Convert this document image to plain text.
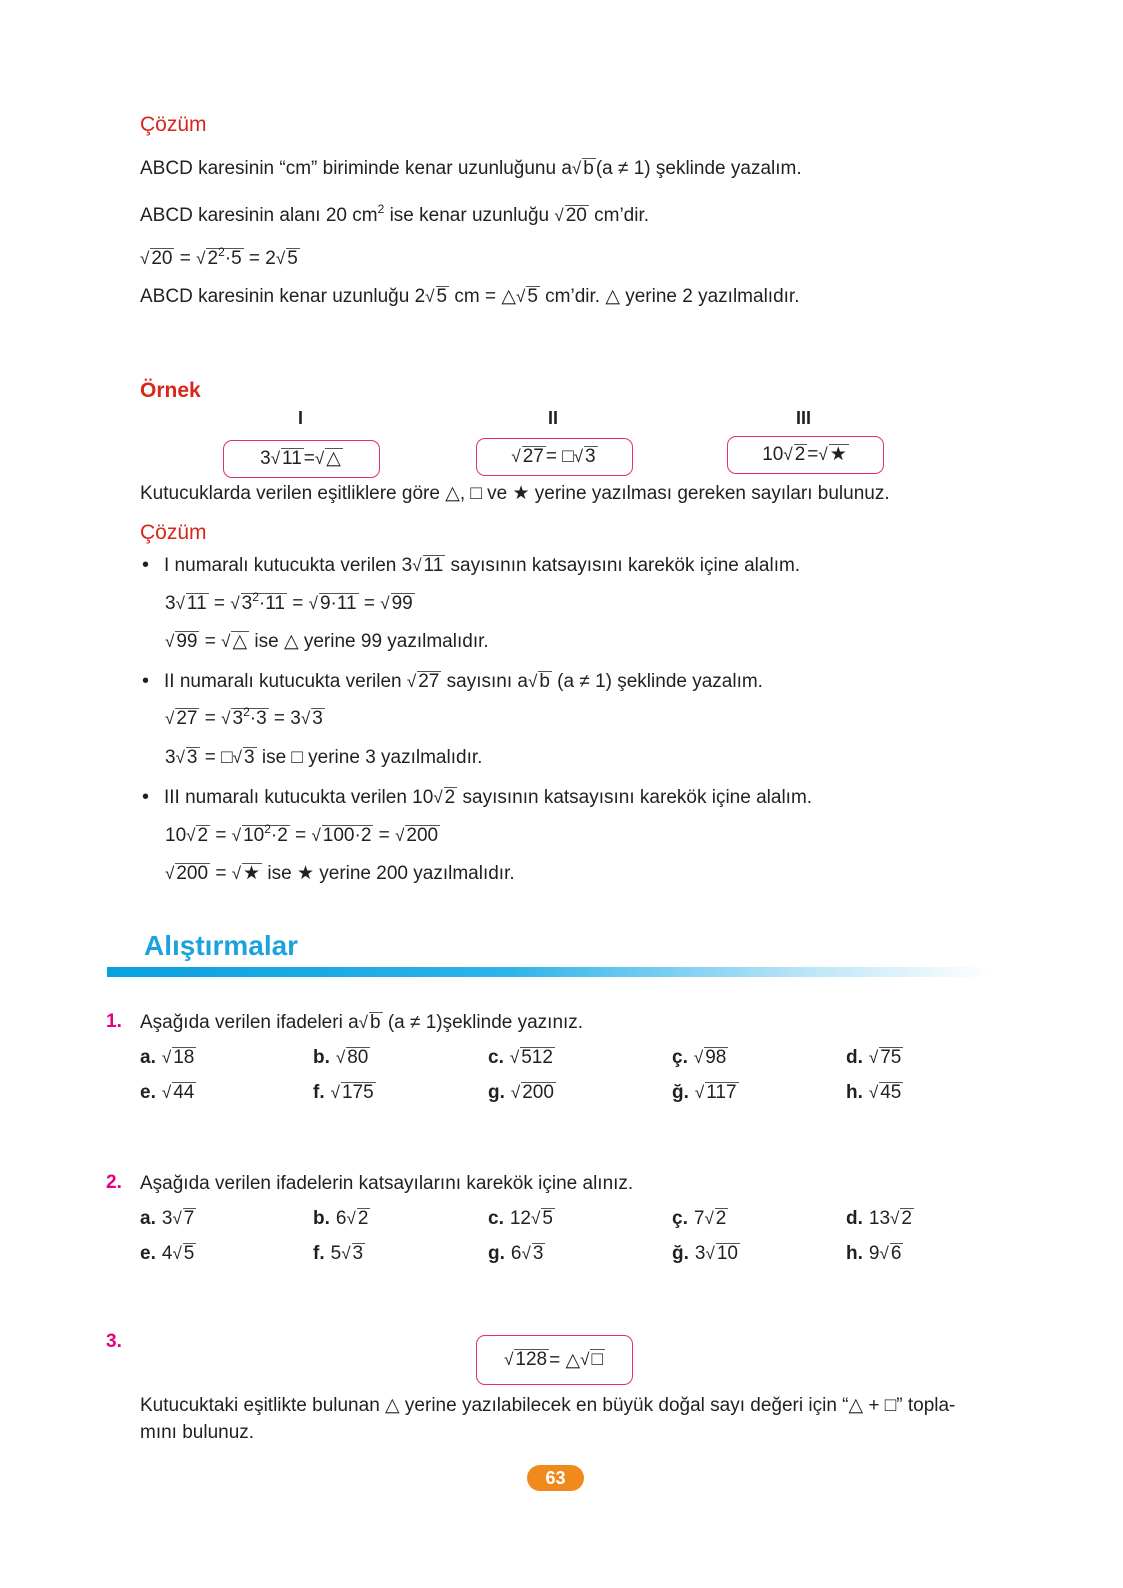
Çözüm
ABCD karesinin “cm” biriminde kenar uzunluğunu a√ b (a ≠ 1) şeklinde yazalım.
ABCD karesinin alanı 20 $cm^2$ ise kenar uzunluğu √ 20 cm’dir.
√ 20 = √ $2^2\cdot 5 = 2√$ 5
ABCD karesinin kenar uzunluğu 2√ 5 cm = △√ 5 cm’dir. △ yerine 2 yazılmalıdır.
Örnek
I	II	III
3 √ 11 = √ △	√ 27 = □ √ 3	10 √ 2 = √ ★
Kutucuklarda verilen eşitliklere göre △, □ ve ★ yerine yazılması gereken sayıları bulunuz.
Çözüm
• I numaralı kutucukta verilen 3√ 11 sayısının katsayısını karekök içine alalım.
3√ 11 = √ $3^2\cdot 11$ = √ 9·11 = √ 99
√ 99 = √ △ ise △ yerine 99 yazılmalıdır.
• II numaralı kutucukta verilen √ 27 sayısını a√ b (a ≠ 1) şeklinde yazalım.
√ 27 = √ $3^2\cdot 3 = 3√$ 3
3√ 3 = □√ 3 ise □ yerine 3 yazılmalıdır.
• III numaralı kutucukta verilen 10√ 2 sayısının katsayısını karekök içine alalım.
10√ 2 = √ $10^2\cdot 2$ = √ 100·2 = √ 200
√ 200 = √ ★ ise ★ yerine 200 yazılmalıdır.
Alıştırmalar
1. Aşağıda verilen ifadeleri a√ b (a ≠ 1)şeklinde yazınız.
a. √ 18	b. √ 80	c. √ 512	ç. √ 98	d. √ 75
e. √ 44	f. √ 175	g. √ 200	ğ. √ 117	h. √ 45
2. Aşağıda verilen ifadelerin katsayılarını karekök içine alınız.
a. 3√ 7	b. 6√ 2	c. 12√ 5	ç. 7√ 2	d. 13√ 2
e. 4√ 5	f. 5√ 3	g. 6√ 3	ğ. 3√ 10	h. 9√ 6
3.
√ 128 = △ √ □
Kutucuktaki eşitlikte bulunan △ yerine yazılabilecek en büyük doğal sayı değeri için “△ + □” topla-
mını bulunuz.
63
